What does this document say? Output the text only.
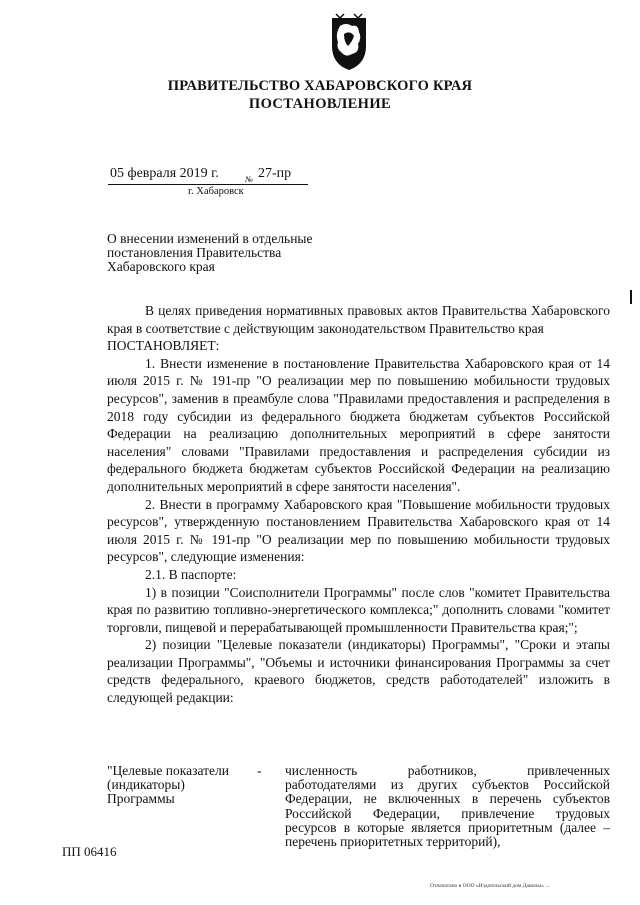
ПРАВИТЕЛЬСТВО ХАБАРОВСКОГО КРАЯ
ПОСТАНОВЛЕНИЕ
05 февраля 2019 г.	№ 27-пр
г. Хабаровск
О внесении изменений в отдельные постановления Правительства Хабаровского края

В целях приведения нормативных правовых актов Правительства Хабаровского края в соответствие с действующим законодательством Правительство края

ПОСТАНОВЛЯЕТ:

1. Внести изменение в постановление Правительства Хабаровского края от 14 июля 2015 г. № 191-пр "О реализации мер по повышению мобильности трудовых ресурсов", заменив в преамбуле слова "Правилами предоставления и распределения в 2018 году субсидии из федерального бюджета бюджетам субъектов Российской Федерации на реализацию дополнительных мероприятий в сфере занятости населения" словами "Правилами предоставления и распределения субсидии из федерального бюджета бюджетам субъектов Российской Федерации на реализацию дополнительных мероприятий в сфере занятости населения".

2. Внести в программу Хабаровского края "Повышение мобильности трудовых ресурсов", утвержденную постановлением Правительства Хабаровского края от 14 июля 2015 г. № 191-пр "О реализации мер по повышению мобильности трудовых ресурсов", следующие изменения:

2.1. В паспорте:

1) в позиции "Соисполнители Программы" после слов "комитет Правительства края по развитию топливно-энергетического комплекса;" дополнить словами "комитет торговли, пищевой и перерабатывающей промышленности Правительства края;";

2) позиции "Целевые показатели (индикаторы) Программы", "Сроки и этапы реализации Программы", "Объемы и источники финансирования Программы за счет средств федерального, краевого бюджетов, средств работодателей" изложить в следующей редакции:

"Целевые показатели (индикаторы) Программы
- численность работников, привлеченных работодателями из других субъектов Российской Федерации, не включенных в перечень субъектов Российской Федерации, привлечение трудовых ресурсов в которые является приоритетным (далее – перечень приоритетных территорий),
ПП 06416
Отпечатано в ООО «Издательский дом Данилы» ...
